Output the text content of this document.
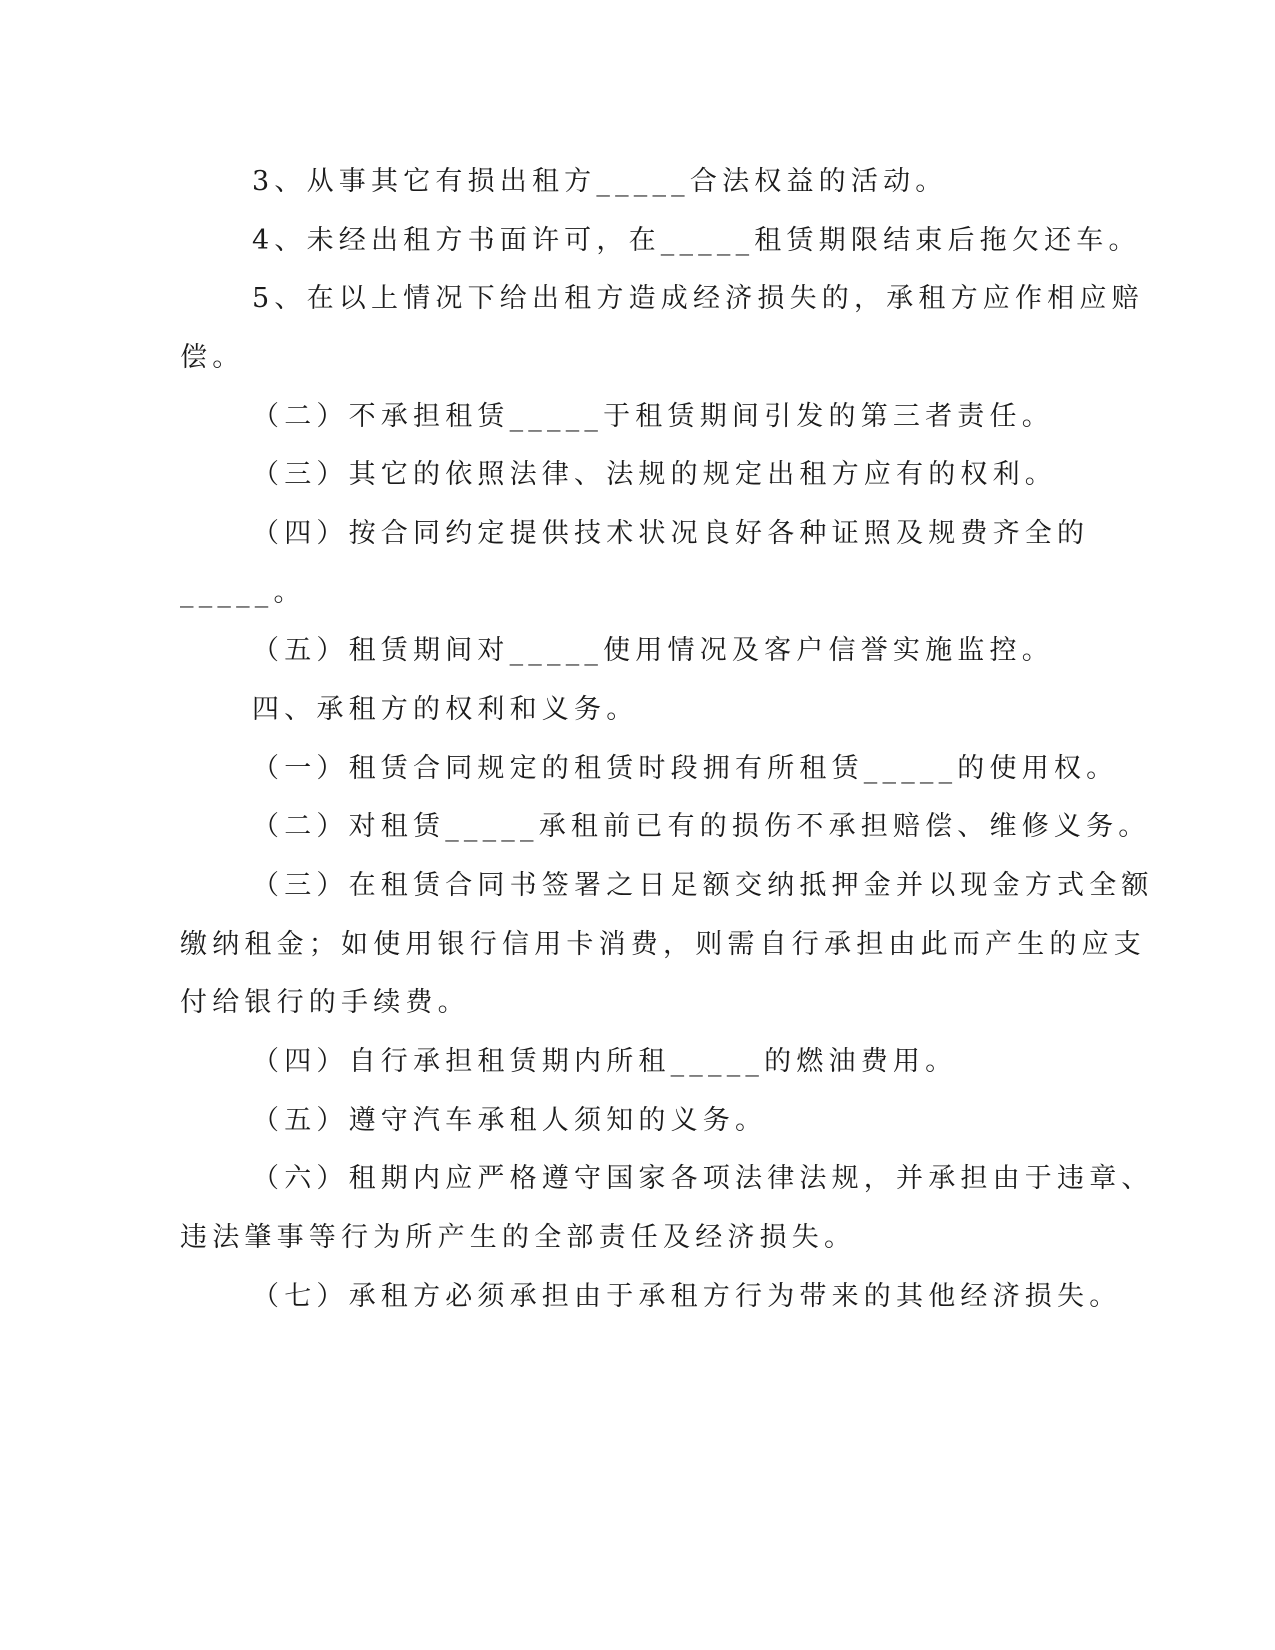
3、从事其它有损出租方_____合法权益的活动。
4、未经出租方书面许可，在_____租赁期限结束后拖欠还车。
5、在以上情况下给出租方造成经济损失的，承租方应作相应赔
偿。
（二）不承担租赁_____于租赁期间引发的第三者责任。
（三）其它的依照法律、法规的规定出租方应有的权利。
（四）按合同约定提供技术状况良好各种证照及规费齐全的
_____。
（五）租赁期间对_____使用情况及客户信誉实施监控。
四、承租方的权利和义务。
（一）租赁合同规定的租赁时段拥有所租赁_____的使用权。
（二）对租赁_____承租前已有的损伤不承担赔偿、维修义务。
（三）在租赁合同书签署之日足额交纳抵押金并以现金方式全额
缴纳租金；如使用银行信用卡消费，则需自行承担由此而产生的应支
付给银行的手续费。
（四）自行承担租赁期内所租_____的燃油费用。
（五）遵守汽车承租人须知的义务。
（六）租期内应严格遵守国家各项法律法规，并承担由于违章、
违法肇事等行为所产生的全部责任及经济损失。
（七）承租方必须承担由于承租方行为带来的其他经济损失。
